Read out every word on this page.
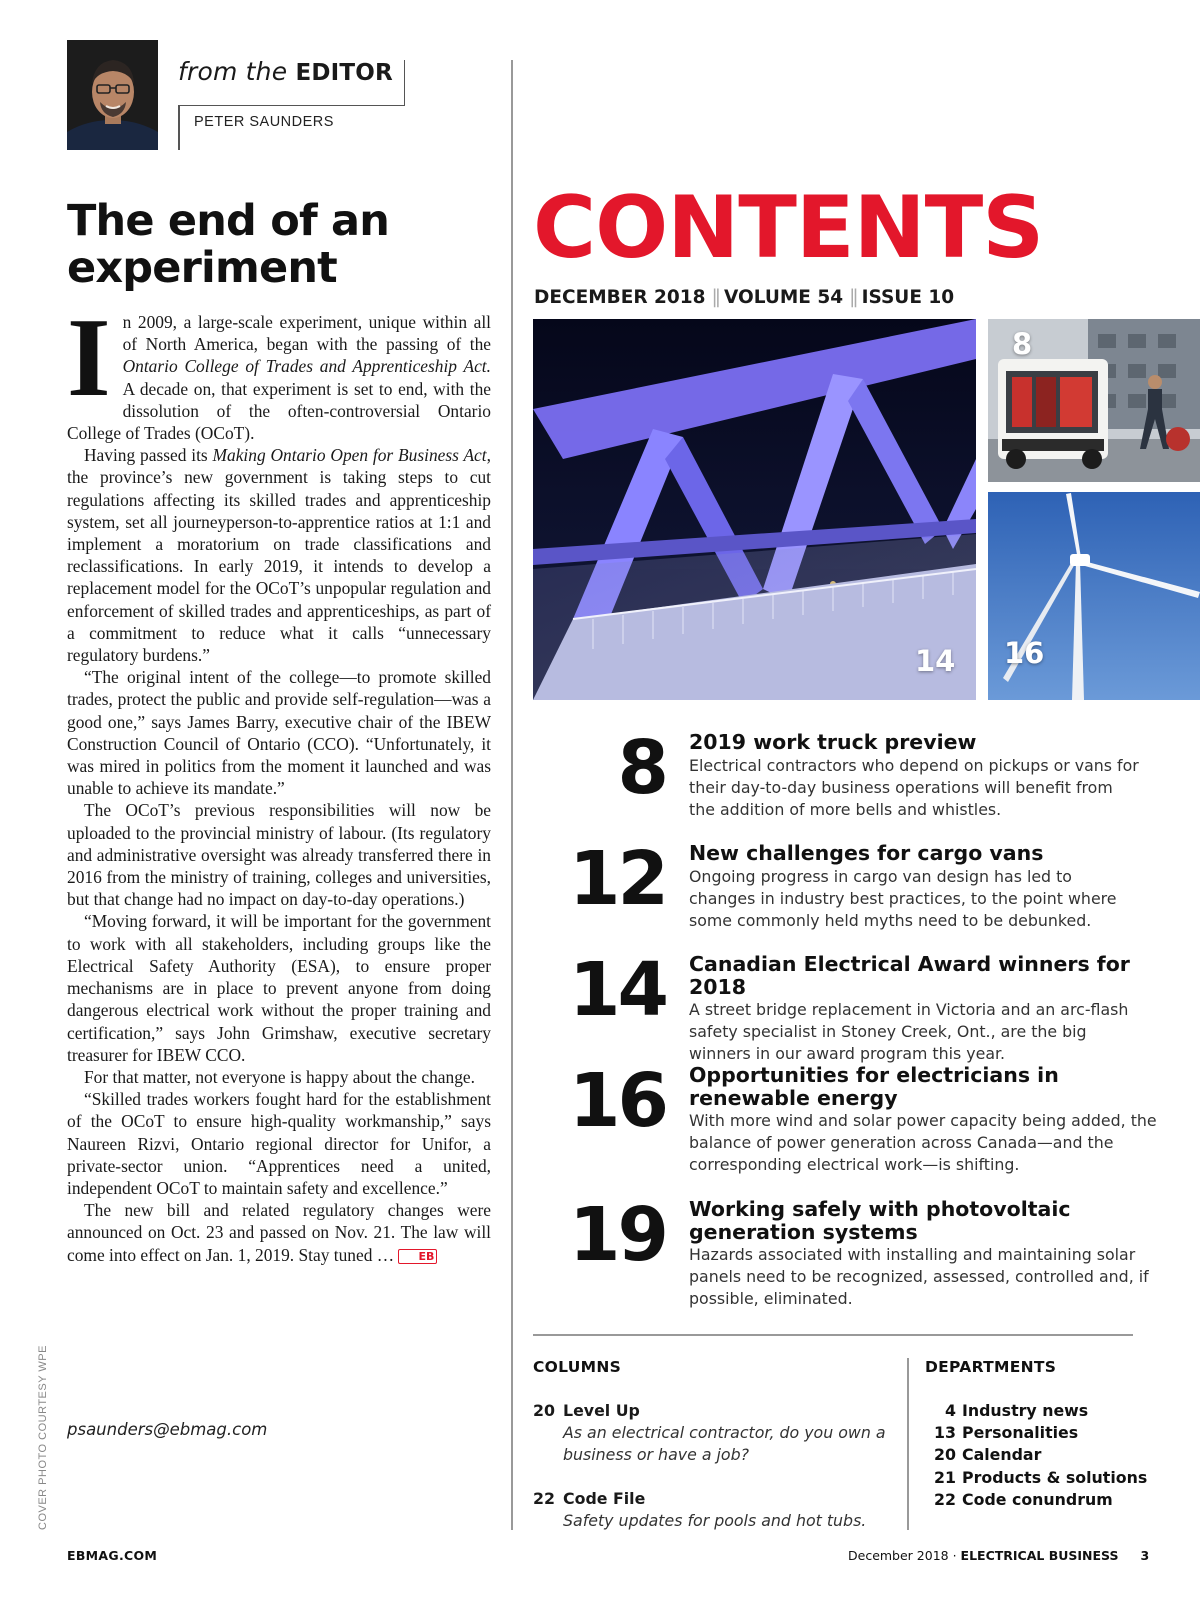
from the EDITOR
PETER SAUNDERS
The end of an experiment

In 2009, a large-scale experiment, unique within all of North America, began with the passing of the Ontario College of Trades and Apprenticeship Act. A decade on, that experiment is set to end, with the dissolution of the often-controversial Ontario College of Trades (OCoT).

Having passed its Making Ontario Open for Business Act, the province’s new government is taking steps to cut regulations affecting its skilled trades and apprenticeship system, set all journeyperson-to-apprentice ratios at 1:1 and implement a moratorium on trade classifications and reclassifications. In early 2019, it intends to develop a replacement model for the OCoT’s unpopular regulation and enforcement of skilled trades and apprenticeships, as part of a commitment to reduce what it calls “unnecessary regulatory burdens.”

“The original intent of the college—to promote skilled trades, protect the public and provide self-regulation—was a good one,” says James Barry, executive chair of the IBEW Construction Council of Ontario (CCO). “Unfortunately, it was mired in politics from the moment it launched and was unable to achieve its mandate.”

The OCoT’s previous responsibilities will now be uploaded to the provincial ministry of labour. (Its regulatory and administrative oversight was already transferred there in 2016 from the ministry of training, colleges and universities, but that change had no impact on day-to-day operations.)

“Moving forward, it will be important for the government to work with all stakeholders, including groups like the Electrical Safety Authority (ESA), to ensure proper mechanisms are in place to prevent anyone from doing dangerous electrical work without the proper training and certification,” says John Grimshaw, executive secretary treasurer for IBEW CCO.

For that matter, not everyone is happy about the change.

“Skilled trades workers fought hard for the establishment of the OCoT to ensure high-quality workmanship,” says Naureen Rizvi, Ontario regional director for Unifor, a private-sector union. “Apprentices need a united, independent OCoT to maintain safety and excellence.”

The new bill and related regulatory changes were announced on Oct. 23 and passed on Nov. 21. The law will come into effect on Jan. 1, 2019. Stay tuned … EB

psaunders@ebmag.com
COVER PHOTO COURTESY WPE
CONTENTS
DECEMBER 2018 || VOLUME 54 || ISSUE 10
14
8
16
8 2019 work truck preview
Electrical contractors who depend on pickups or vans for their day-to-day business operations will benefit from the addition of more bells and whistles.
12 New challenges for cargo vans
Ongoing progress in cargo van design has led to changes in industry best practices, to the point where some commonly held myths need to be debunked.
14 Canadian Electrical Award winners for 2018
A street bridge replacement in Victoria and an arc-flash safety specialist in Stoney Creek, Ont., are the big winners in our award program this year.
16 Opportunities for electricians in renewable energy
With more wind and solar power capacity being added, the balance of power generation across Canada—and the corresponding electrical work—is shifting.
19 Working safely with photovoltaic generation systems
Hazards associated with installing and maintaining solar panels need to be recognized, assessed, controlled and, if possible, eliminated.
COLUMNS	DEPARTMENTS
20 Level Up
As an electrical contractor, do you own a business or have a job?
22 Code File
Safety updates for pools and hot tubs.
4 Industry news
13 Personalities
20 Calendar
21 Products & solutions
22 Code conundrum
EBMAG.COM	December 2018 · ELECTRICAL BUSINESS 3
